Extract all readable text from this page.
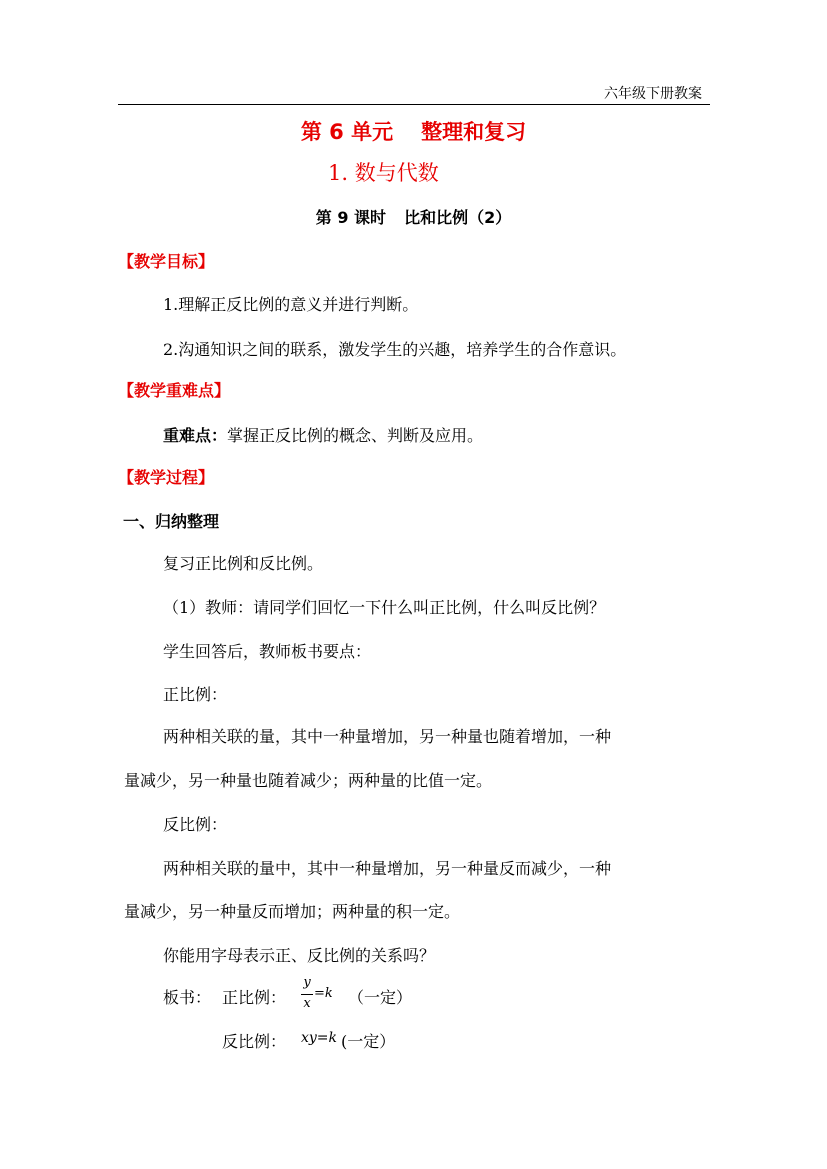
六年级下册教案
第 6 单元 整理和复习
1. 数与代数
第 9 课时 比和比例（2）
【教学目标】
1.理解正反比例的意义并进行判断。
2.沟通知识之间的联系，激发学生的兴趣，培养学生的合作意识。
【教学重难点】
重难点：掌握正反比例的概念、判断及应用。
【教学过程】
一、归纳整理
复习正比例和反比例。
（1）教师：请同学们回忆一下什么叫正比例，什么叫反比例？
学生回答后，教师板书要点：
正比例：
两种相关联的量，其中一种量增加，另一种量也随着增加，一种
量减少，另一种量也随着减少；两种量的比值一定。
反比例：
两种相关联的量中，其中一种量增加，另一种量反而减少，一种
量减少，另一种量反而增加；两种量的积一定。
你能用字母表示正、反比例的关系吗？
板书： 正比例：
y
x
=k （一定）
反比例： xy=k (一定）
